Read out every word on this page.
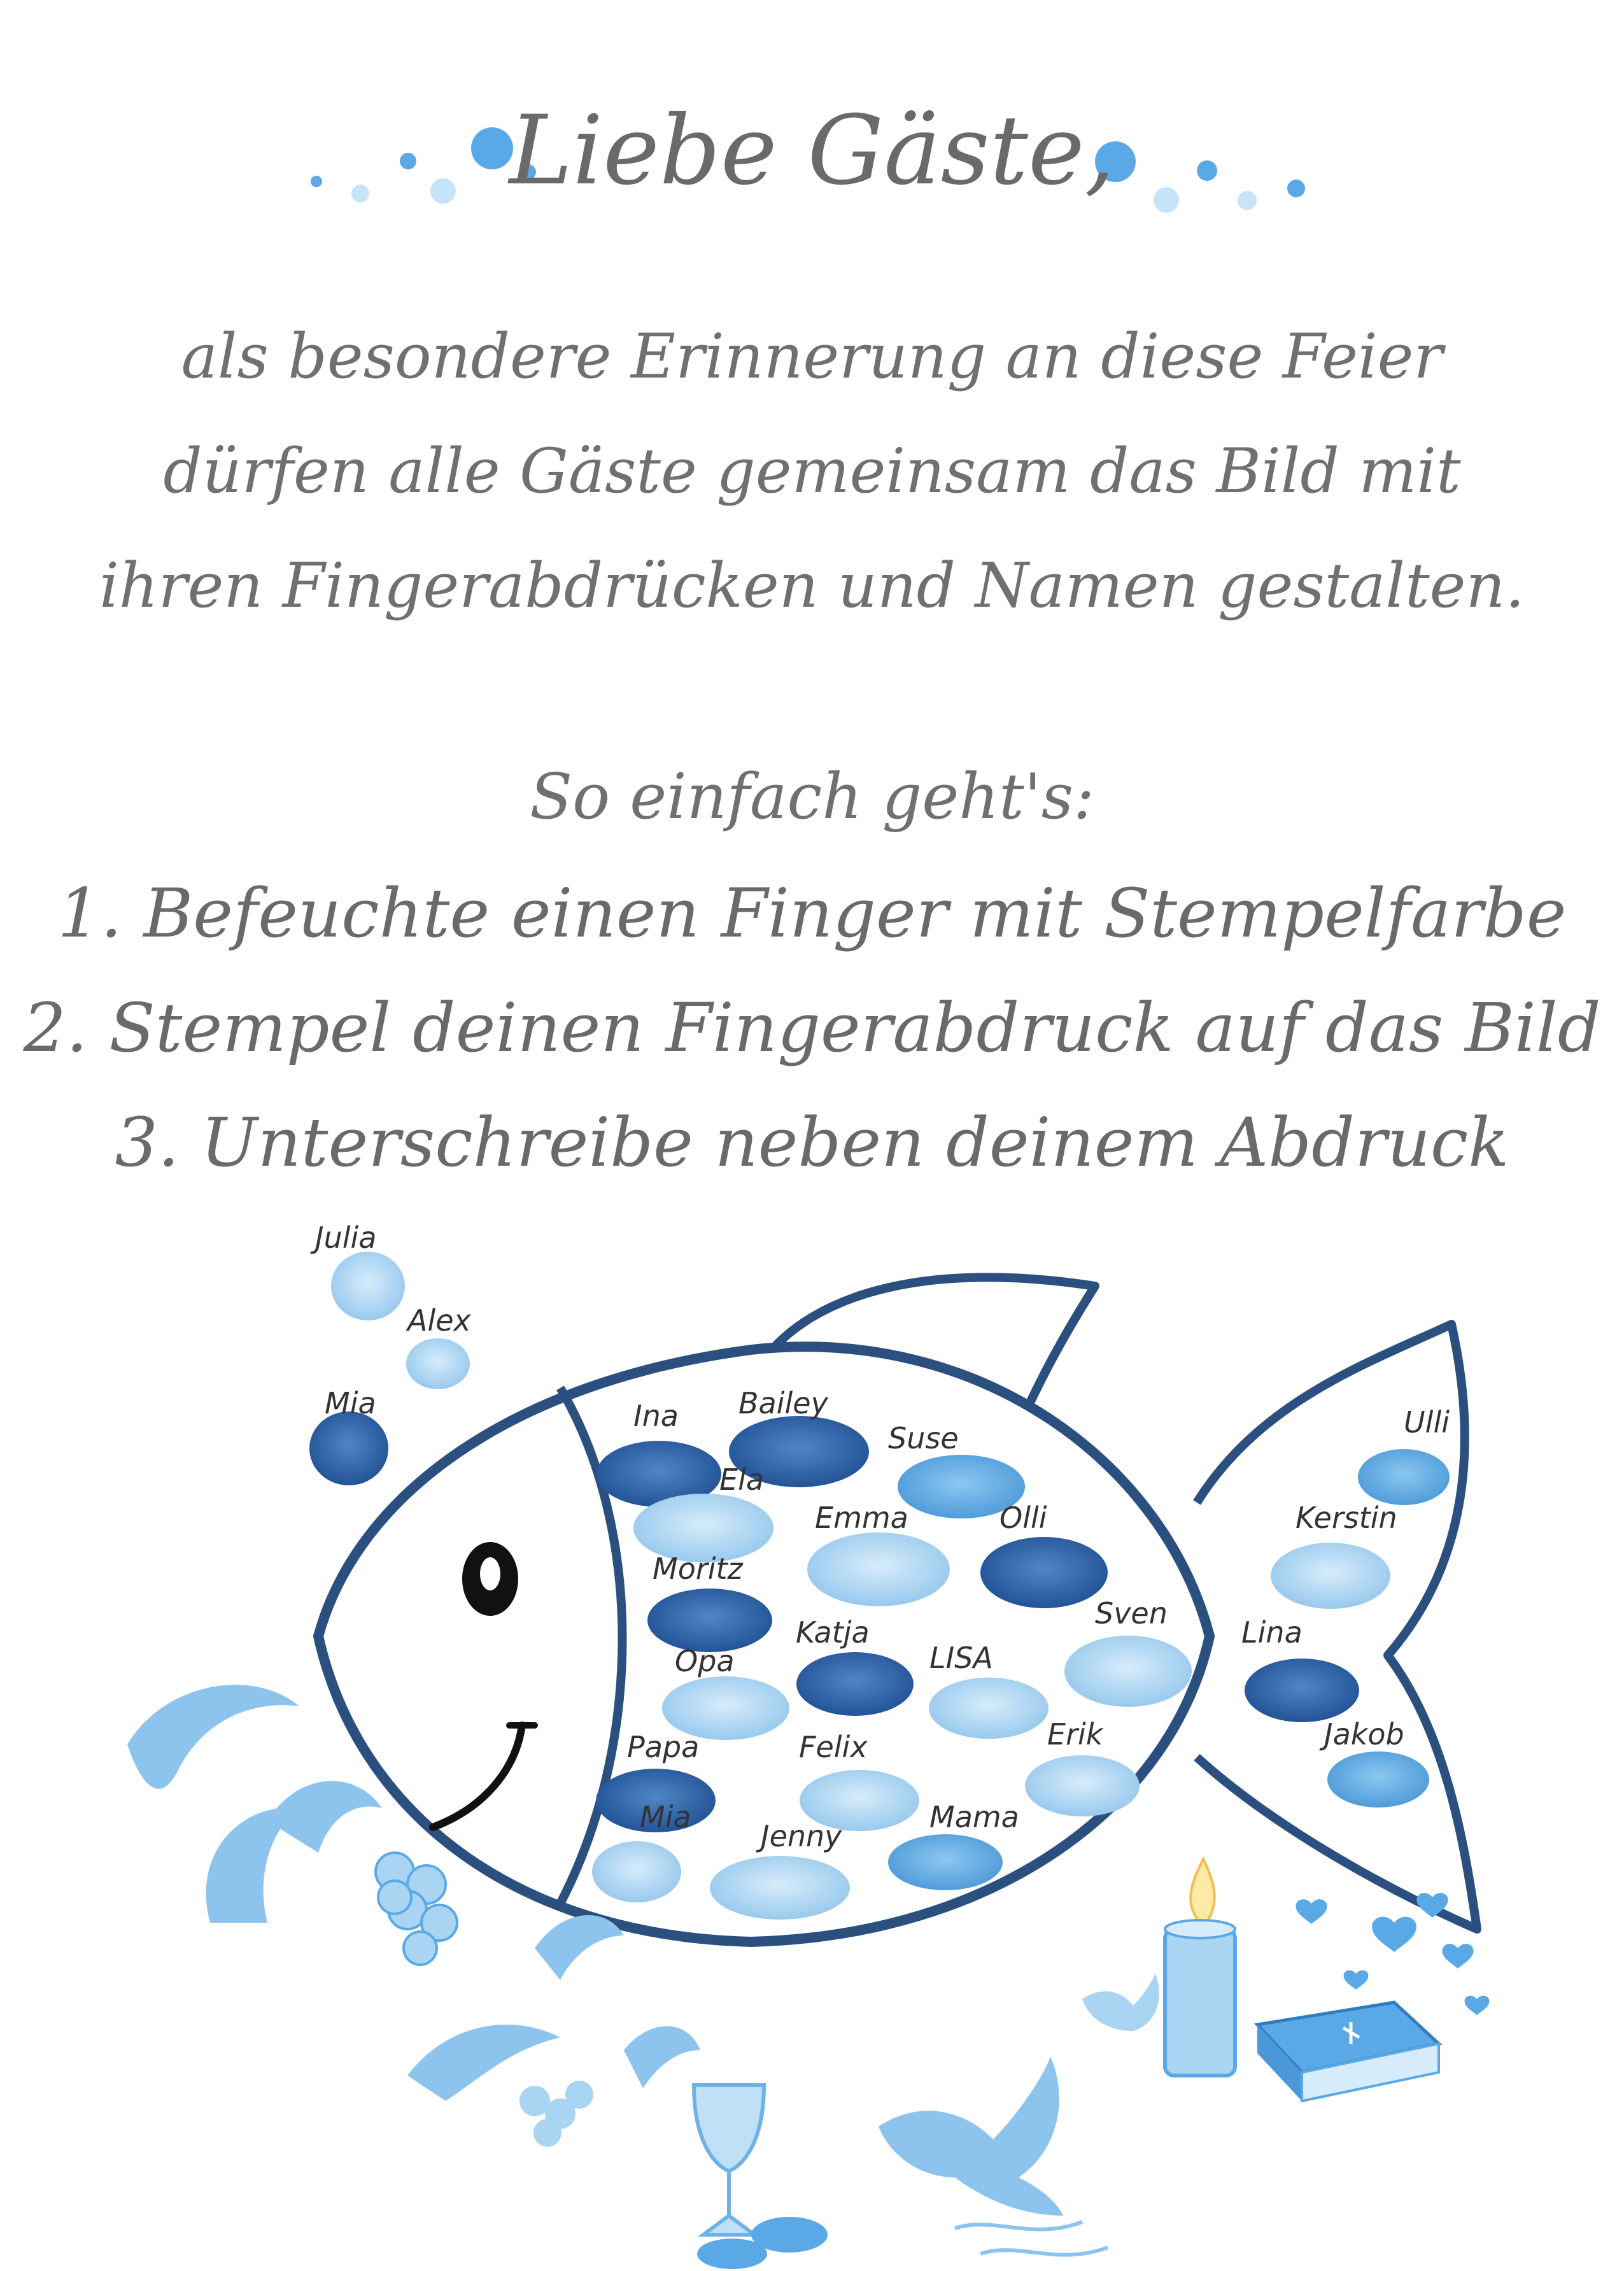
Liebe Gäste,
als besondere Erinnerung an diese Feier
dürfen alle Gäste gemeinsam das Bild mit
ihren Fingerabdrücken und Namen gestalten.
So einfach geht's:
1. Befeuchte einen Finger mit Stempelfarbe
2. Stempel deinen Fingerabdruck auf das Bild
3. Unterschreibe neben deinem Abdruck
Julia
Alex
Mia	Ina Bailey
Suse
Ela
Emma	Olli
Moritz
Katja
Sven
Opa	LISA
Papa	Felix	Erik
Mia
Jenny
Mama
Ulli
Kerstin
Lina
Jakob
